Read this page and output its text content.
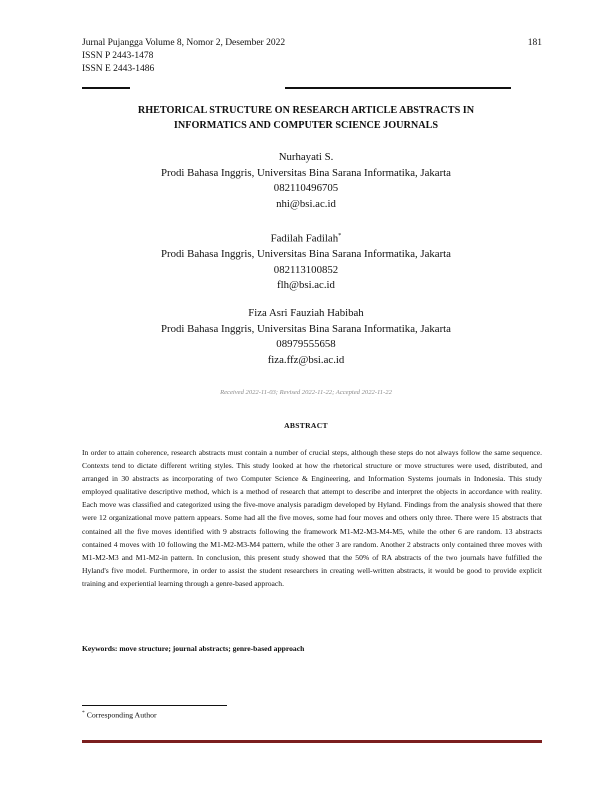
Jurnal Pujangga Volume 8, Nomor 2, Desember 2022
ISSN P 2443-1478
ISSN E 2443-1486
181
RHETORICAL STRUCTURE ON RESEARCH ARTICLE ABSTRACTS IN
INFORMATICS AND COMPUTER SCIENCE JOURNALS
Nurhayati S.
Prodi Bahasa Inggris, Universitas Bina Sarana Informatika, Jakarta
082110496705
nhi@bsi.ac.id
Fadilah Fadilah*
Prodi Bahasa Inggris, Universitas Bina Sarana Informatika, Jakarta
082113100852
flh@bsi.ac.id
Fiza Asri Fauziah Habibah
Prodi Bahasa Inggris, Universitas Bina Sarana Informatika, Jakarta
08979555658
fiza.ffz@bsi.ac.id
Received 2022-11-03; Revised 2022-11-22; Accepted 2022-11-22
ABSTRACT

In order to attain coherence, research abstracts must contain a number of crucial steps, although these steps do not always follow the same sequence. Contexts tend to dictate different writing styles. This study looked at how the rhetorical structure or move structures were used, distributed, and arranged in 30 abstracts as incorporating of two Computer Science & Engineering, and Information Systems journals in Indonesia. This study employed qualitative descriptive method, which is a method of research that attempt to describe and interpret the objects in accordance with reality. Each move was classified and categorized using the five-move analysis paradigm developed by Hyland. Findings from the analysis showed that there were 12 organizational move pattern appears. Some had all the five moves, some had four moves and others only three. There were 15 abstracts that contained all the five moves identified with 9 abstracts following the framework M1-M2-M3-M4-M5, while the other 6 are random. 13 abstracts contained 4 moves with 10 following the M1-M2-M3-M4 pattern, while the other 3 are random. Another 2 abstracts only contained three moves with M1-M2-M3 and M1-M2-in pattern. In conclusion, this present study showed that the 50% of RA abstracts of the two journals have fulfilled the Hyland's five model. Furthermore, in order to assist the student researchers in creating well-written abstracts, it would be good to provide explicit training and experiential learning through a genre-based approach.

Keywords: move structure; journal abstracts; genre-based approach
* Corresponding Author
